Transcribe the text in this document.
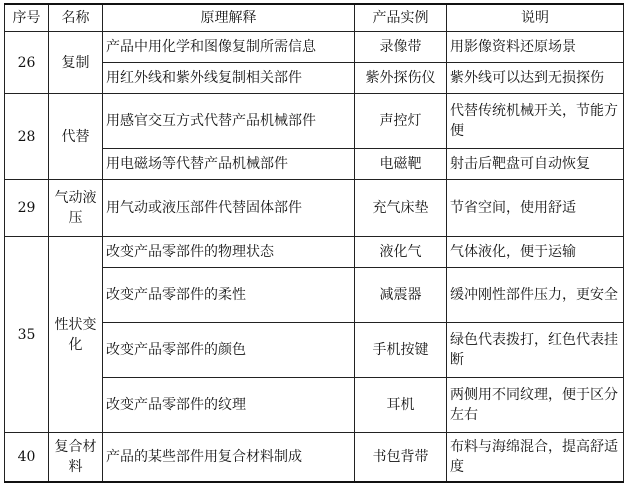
序号	名称	原理解释	产品实例	说明
26	复制	产品中用化学和图像复制所需信息	录像带	用影像资料还原场景
		用红外线和紫外线复制相关部件	紫外探伤仪	紫外线可以达到无损探伤
28	代替	用感官交互方式代替产品机械部件	声控灯	代替传统机械开关，节能方便
		用电磁场等代替产品机械部件	电磁靶	射击后靶盘可自动恢复
29	气动液压	用气动或液压部件代替固体部件	充气床垫	节省空间，使用舒适
35	性状变化	改变产品零部件的物理状态	液化气	气体液化，便于运输
		改变产品零部件的柔性	减震器	缓冲刚性部件压力，更安全
		改变产品零部件的颜色	手机按键	绿色代表拨打，红色代表挂断
		改变产品零部件的纹理	耳机	两侧用不同纹理，便于区分左右
40	复合材料	产品的某些部件用复合材料制成	书包背带	布料与海绵混合，提高舒适度
